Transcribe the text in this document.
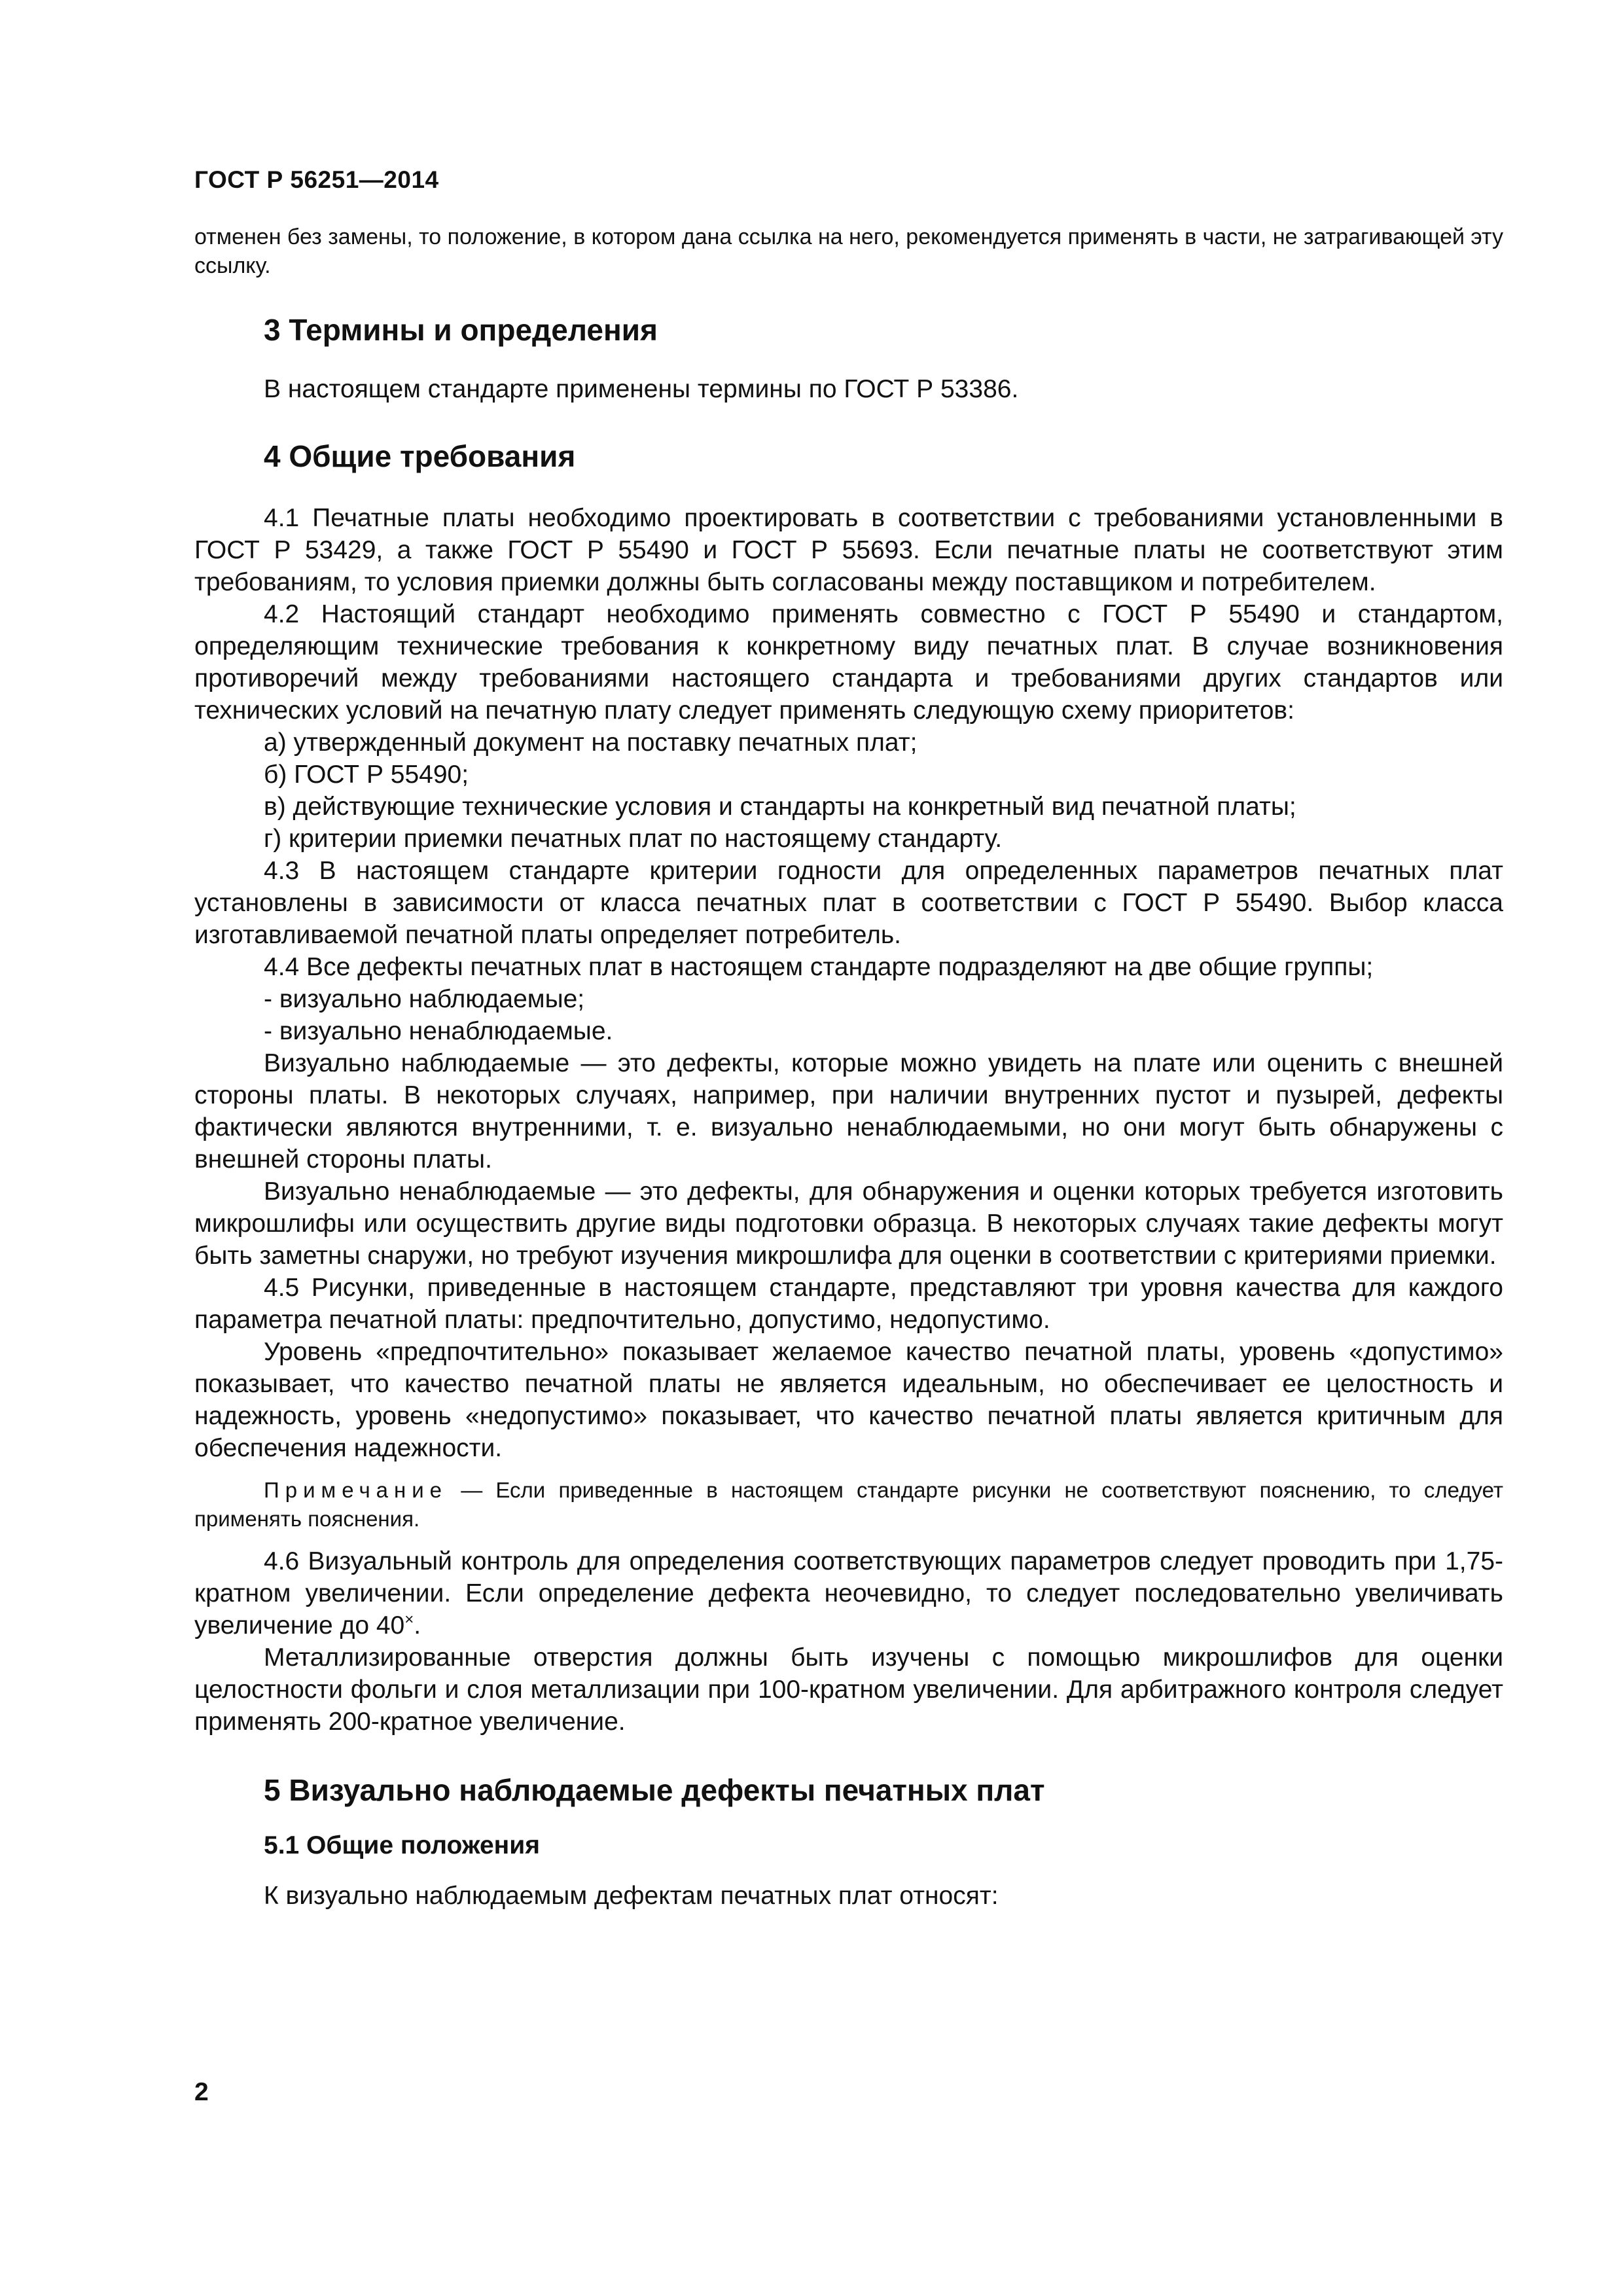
ГОСТ Р 56251—2014

отменен без замены, то положение, в котором дана ссылка на него, рекомендуется применять в части, не затрагивающей эту ссылку.

3 Термины и определения

В настоящем стандарте применены термины по ГОСТ Р 53386.

4 Общие требования

4.1 Печатные платы необходимо проектировать в соответствии с требованиями установленными в ГОСТ Р 53429, а также ГОСТ Р 55490 и ГОСТ Р 55693. Если печатные платы не соответствуют этим требованиям, то условия приемки должны быть согласованы между поставщиком и потребителем.

4.2 Настоящий стандарт необходимо применять совместно с ГОСТ Р 55490 и стандартом, определяющим технические требования к конкретному виду печатных плат. В случае возникновения противоречий между требованиями настоящего стандарта и требованиями других стандартов или технических условий на печатную плату следует применять следующую схему приоритетов:

а) утвержденный документ на поставку печатных плат;

б) ГОСТ Р 55490;

в) действующие технические условия и стандарты на конкретный вид печатной платы;

г) критерии приемки печатных плат по настоящему стандарту.

4.3 В настоящем стандарте критерии годности для определенных параметров печатных плат установлены в зависимости от класса печатных плат в соответствии с ГОСТ Р 55490. Выбор класса изготавливаемой печатной платы определяет потребитель.

4.4 Все дефекты печатных плат в настоящем стандарте подразделяют на две общие группы;

- визуально наблюдаемые;

- визуально ненаблюдаемые.

Визуально наблюдаемые — это дефекты, которые можно увидеть на плате или оценить с внешней стороны платы. В некоторых случаях, например, при наличии внутренних пустот и пузырей, дефекты фактически являются внутренними, т. е. визуально ненаблюдаемыми, но они могут быть обнаружены с внешней стороны платы.

Визуально ненаблюдаемые — это дефекты, для обнаружения и оценки которых требуется изготовить микрошлифы или осуществить другие виды подготовки образца. В некоторых случаях такие дефекты могут быть заметны снаружи, но требуют изучения микрошлифа для оценки в соответствии с критериями приемки.

4.5 Рисунки, приведенные в настоящем стандарте, представляют три уровня качества для каждого параметра печатной платы: предпочтительно, допустимо, недопустимо.

Уровень «предпочтительно» показывает желаемое качество печатной платы, уровень «допустимо» показывает, что качество печатной платы не является идеальным, но обеспечивает ее целостность и надежность, уровень «недопустимо» показывает, что качество печатной платы является критичным для обеспечения надежности.

Примечание — Если приведенные в настоящем стандарте рисунки не соответствуют пояснению, то следует применять пояснения.

4.6 Визуальный контроль для определения соответствующих параметров следует проводить при 1,75-кратном увеличении. Если определение дефекта неочевидно, то следует последовательно увеличивать увеличение до 40×.

Металлизированные отверстия должны быть изучены с помощью микрошлифов для оценки целостности фольги и слоя металлизации при 100-кратном увеличении. Для арбитражного контроля следует применять 200-кратное увеличение.

5 Визуально наблюдаемые дефекты печатных плат
5.1 Общие положения

К визуально наблюдаемым дефектам печатных плат относят:

2
